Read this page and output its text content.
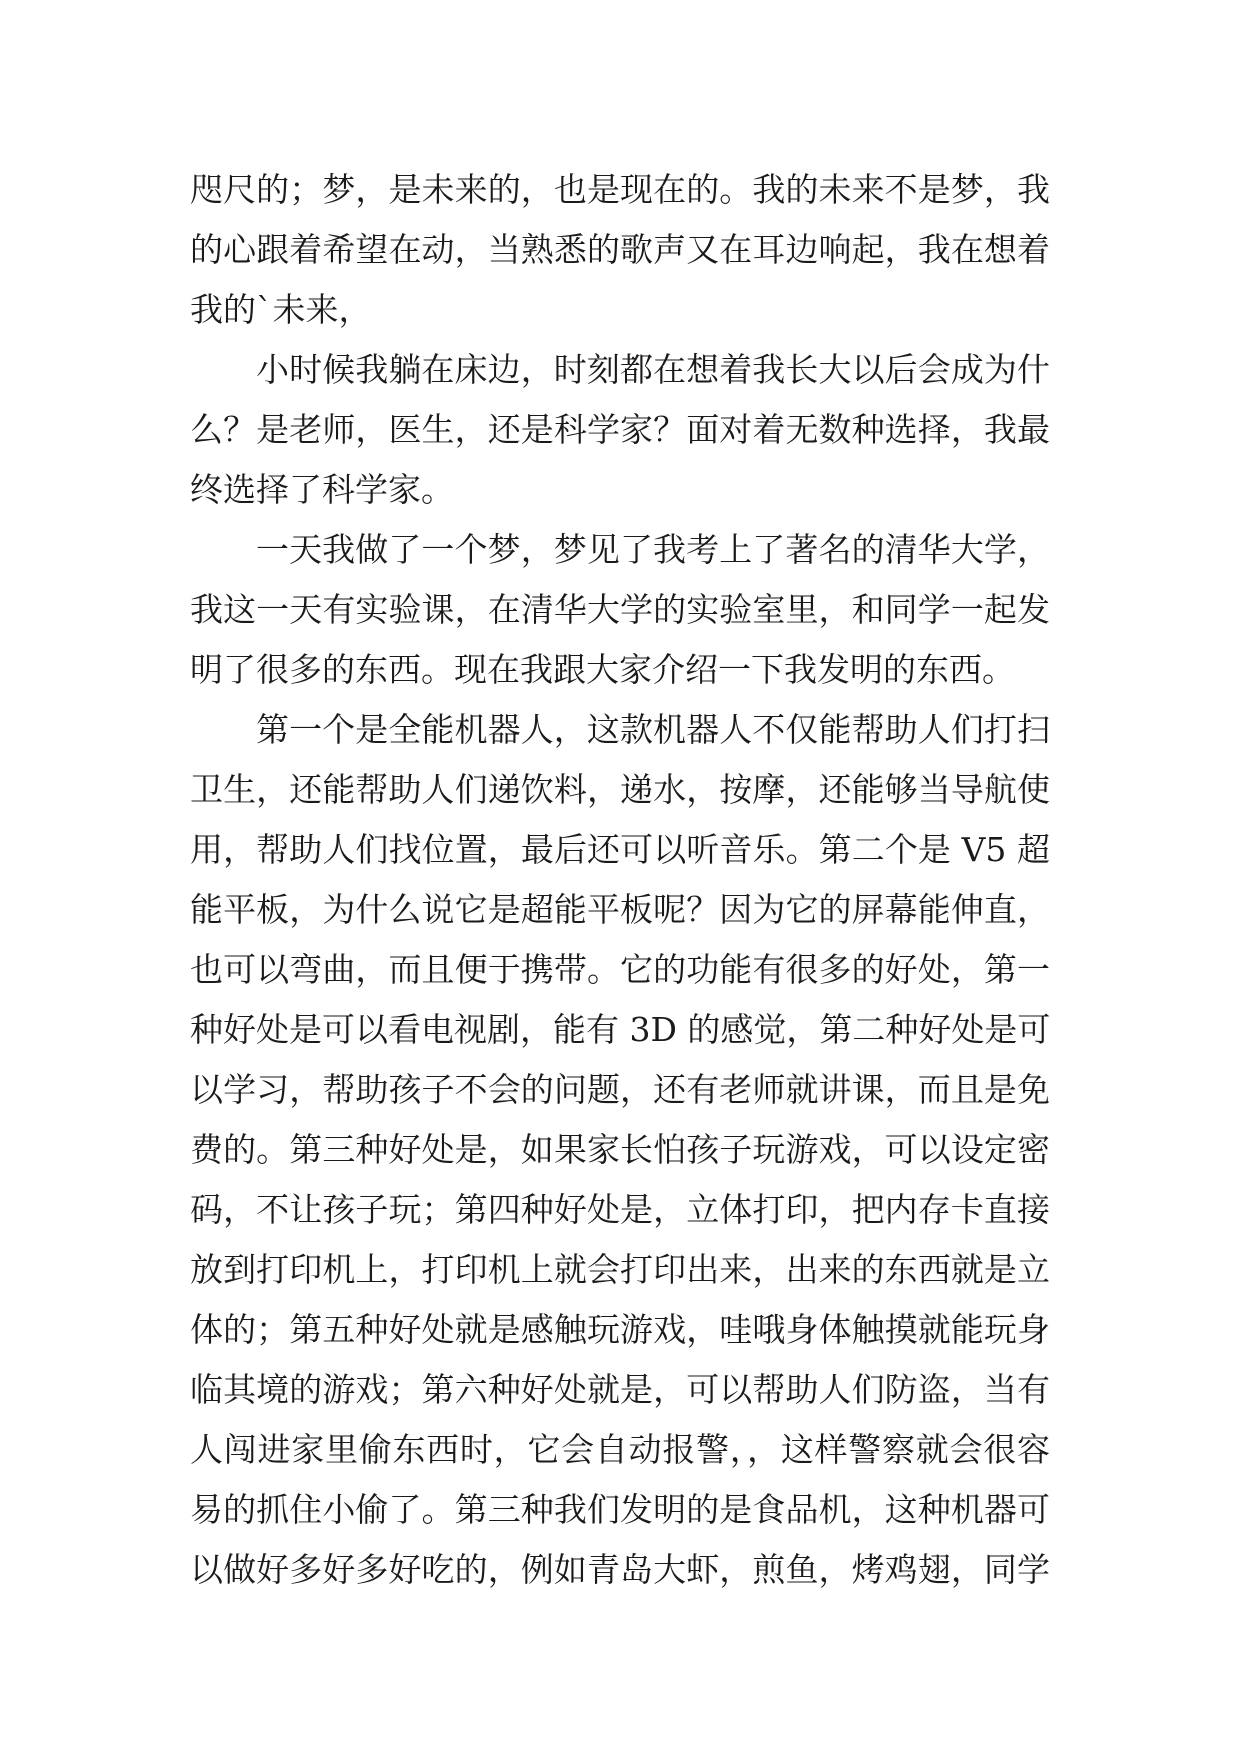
咫尺的；梦，是未来的，也是现在的。我的未来不是梦，我
的心跟着希望在动，当熟悉的歌声又在耳边响起，我在想着
我的`未来，
小时候我躺在床边，时刻都在想着我长大以后会成为什
么？是老师，医生，还是科学家？面对着无数种选择，我最
终选择了科学家。
一天我做了一个梦，梦见了我考上了著名的清华大学，
我这一天有实验课，在清华大学的实验室里，和同学一起发
明了很多的东西。现在我跟大家介绍一下我发明的东西。
第一个是全能机器人，这款机器人不仅能帮助人们打扫
卫生，还能帮助人们递饮料，递水，按摩，还能够当导航使
用，帮助人们找位置，最后还可以听音乐。第二个是 V5 超
能平板，为什么说它是超能平板呢？因为它的屏幕能伸直，
也可以弯曲，而且便于携带。它的功能有很多的好处，第一
种好处是可以看电视剧，能有 3D 的感觉，第二种好处是可
以学习，帮助孩子不会的问题，还有老师就讲课，而且是免
费的。第三种好处是，如果家长怕孩子玩游戏，可以设定密
码，不让孩子玩；第四种好处是，立体打印，把内存卡直接
放到打印机上，打印机上就会打印出来，出来的东西就是立
体的；第五种好处就是感触玩游戏，哇哦身体触摸就能玩身
临其境的游戏；第六种好处就是，可以帮助人们防盗，当有
人闯进家里偷东西时，它会自动报警，，这样警察就会很容
易的抓住小偷了。第三种我们发明的是食品机，这种机器可
以做好多好多好吃的，例如青岛大虾，煎鱼，烤鸡翅，同学
